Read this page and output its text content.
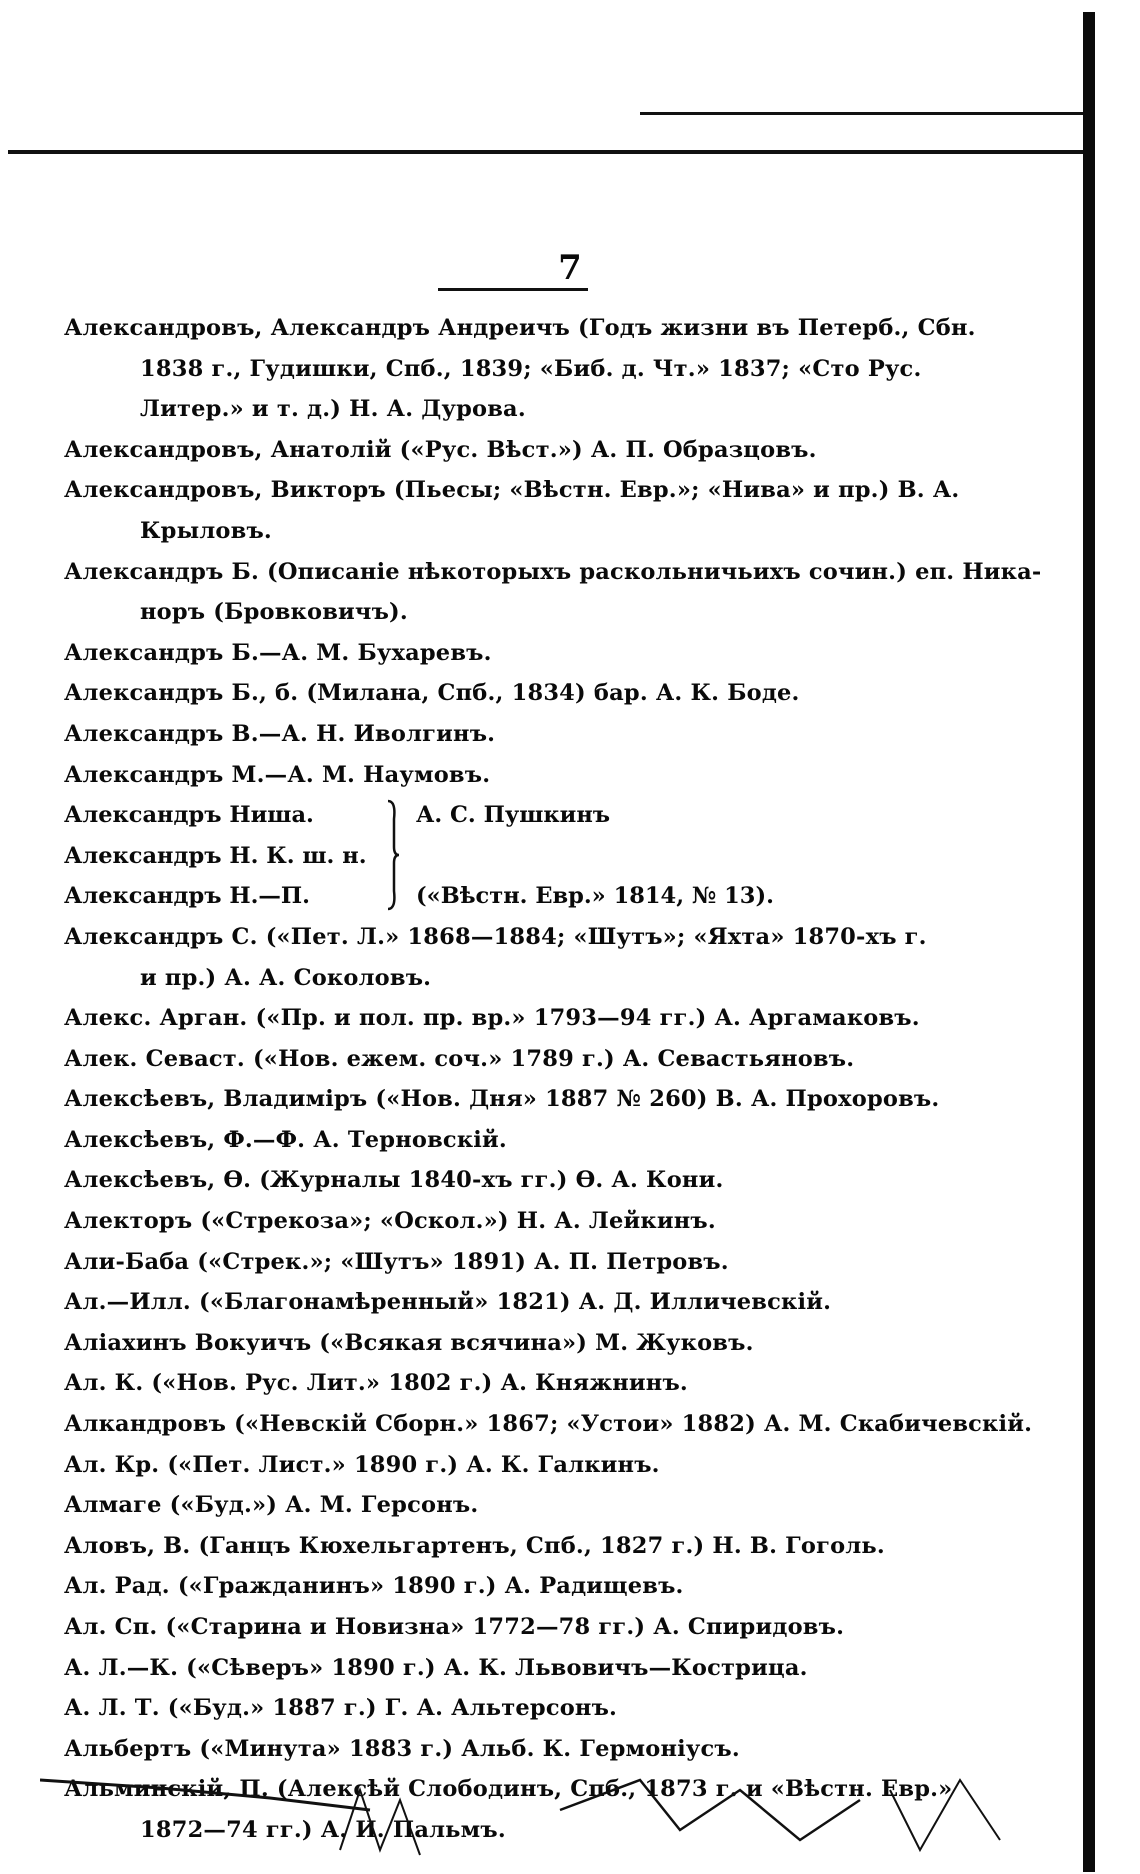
7
Александровъ, Александръ Андреичъ (Годъ жизни въ Петерб., Сбн.
1838 г., Гудишки, Спб., 1839; «Биб. д. Чт.» 1837; «Сто Рус.
Литер.» и т. д.) Н. А. Дурова.
Александровъ, Анатолій («Рус. Вѣст.») А. П. Образцовъ.
Александровъ, Викторъ (Пьесы; «Вѣстн. Евр.»; «Нива» и пр.) В. А.
Крыловъ.
Александръ Б. (Описаніе нѣкоторыхъ раскольничьихъ сочин.) еп. Ника-
норъ (Бровковичъ).
Александръ Б.—А. М. Бухаревъ.
Александръ Б., б. (Милана, Спб., 1834) бар. А. К. Боде.
Александръ В.—А. Н. Иволгинъ.
Александръ М.—А. М. Наумовъ.
Александръ Ниша.
Александръ Н. К. ш. н.
Александръ Н.—П.
А. С. Пушкинъ
(«Вѣстн. Евр.» 1814, № 13).
Александръ С. («Пет. Л.» 1868—1884; «Шутъ»; «Яхта» 1870-хъ г.
и пр.) А. А. Соколовъ.
Алекс. Арган. («Пр. и пол. пр. вр.» 1793—94 гг.) А. Аргамаковъ.
Алек. Севаст. («Нов. ежем. соч.» 1789 г.) А. Севастьяновъ.
Алексѣевъ, Владиміръ («Нов. Дня» 1887 № 260) В. А. Прохоровъ.
Алексѣевъ, Ф.—Ф. А. Терновскій.
Алексѣевъ, Ѳ. (Журналы 1840-хъ гг.) Ѳ. А. Кони.
Алекторъ («Стрекоза»; «Оскол.») Н. А. Лейкинъ.
Али-Баба («Стрек.»; «Шутъ» 1891) А. П. Петровъ.
Ал.—Илл. («Благонамѣренный» 1821) А. Д. Илличевскій.
Аліахинъ Вокуичъ («Всякая всячина») М. Жуковъ.
Ал. К. («Нов. Рус. Лит.» 1802 г.) А. Княжнинъ.
Алкандровъ («Невскій Сборн.» 1867; «Устои» 1882) А. М. Скабичевскій.
Ал. Кр. («Пет. Лист.» 1890 г.) А. К. Галкинъ.
Алмаге («Буд.») А. М. Герсонъ.
Аловъ, В. (Ганцъ Кюхельгартенъ, Спб., 1827 г.) Н. В. Гоголь.
Ал. Рад. («Гражданинъ» 1890 г.) А. Радищевъ.
Ал. Сп. («Старина и Новизна» 1772—78 гг.) А. Спиридовъ.
А. Л.—К. («Сѣверъ» 1890 г.) А. К. Львовичъ—Кострица.
А. Л. Т. («Буд.» 1887 г.) Г. А. Альтерсонъ.
Альбертъ («Минута» 1883 г.) Альб. К. Гермоніусъ.
Альминскій, П. (Алексѣй Слободинъ, Спб., 1873 г. и «Вѣстн. Евр.»
1872—74 гг.) А. И. Пальмъ.
